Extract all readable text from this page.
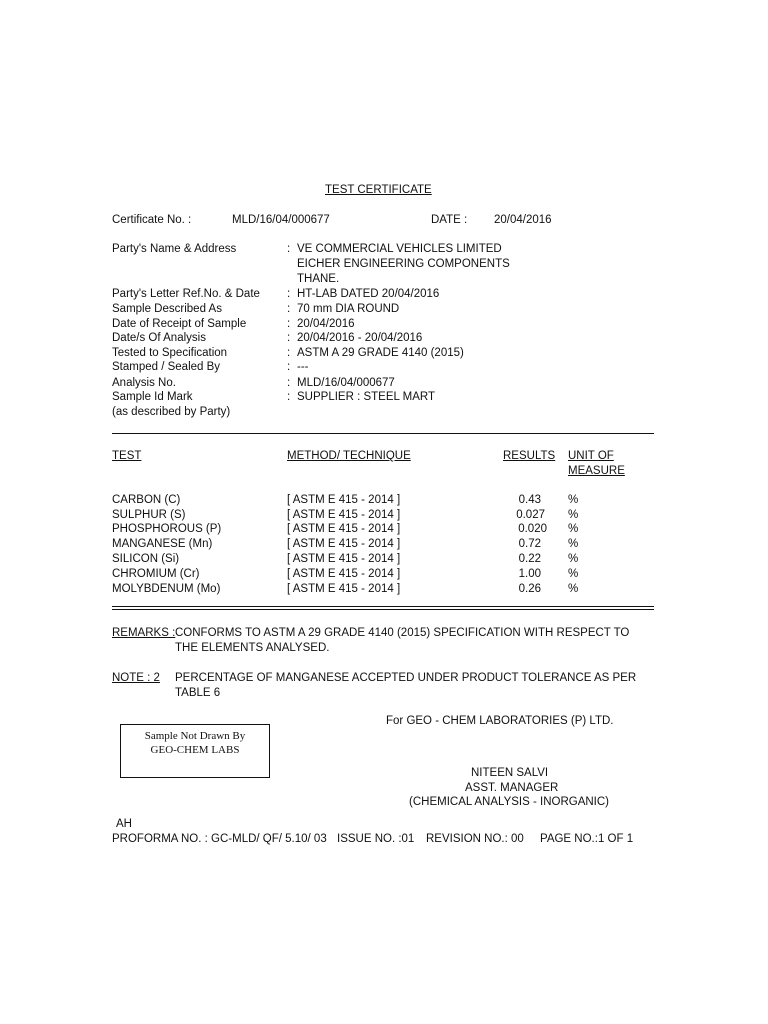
TEST CERTIFICATE
Certificate No. :	MLD/16/04/000677	DATE : 20/04/2016
Party's Name & Address	: VE COMMERCIAL VEHICLES LIMITED
EICHER ENGINEERING COMPONENTS
THANE.
Party's Letter Ref.No. & Date : HT-LAB DATED 20/04/2016
Sample Described As	: 70 mm DIA ROUND
Date of Receipt of Sample	: 20/04/2016
Date/s Of Analysis	: 20/04/2016 - 20/04/2016
Tested to Specification	: ASTM A 29 GRADE 4140 (2015)
Stamped / Sealed By	: ---
Analysis No.	: MLD/16/04/000677
Sample Id Mark	: SUPPLIER : STEEL MART
(as described by Party)
TEST	METHOD/ TECHNIQUE	RESULTS UNIT OF
MEASURE
CARBON (C)	[ ASTM E 415 - 2014 ]	0.43 %
SULPHUR (S)	[ ASTM E 415 - 2014 ]	0.027 %
PHOSPHOROUS (P)	[ ASTM E 415 - 2014 ]	0.020 %
MANGANESE (Mn)	[ ASTM E 415 - 2014 ]	0.72 %
SILICON (Si)	[ ASTM E 415 - 2014 ]	0.22 %
CHROMIUM (Cr)	[ ASTM E 415 - 2014 ]	1.00 %
MOLYBDENUM (Mo)	[ ASTM E 415 - 2014 ]	0.26 %
REMARKS : CONFORMS TO ASTM A 29 GRADE 4140 (2015) SPECIFICATION WITH RESPECT TO
THE ELEMENTS ANALYSED.
NOTE : 2 PERCENTAGE OF MANGANESE ACCEPTED UNDER PRODUCT TOLERANCE AS PER
TABLE 6
For GEO - CHEM LABORATORIES (P) LTD.
Sample Not Drawn By
GEO-CHEM LABS
NITEEN SALVI
ASST. MANAGER
(CHEMICAL ANALYSIS - INORGANIC)
AH
PROFORMA NO. : GC-MLD/ QF/ 5.10/ 03 ISSUE NO. :01 REVISION NO.: 00 PAGE NO.:1 OF 1
